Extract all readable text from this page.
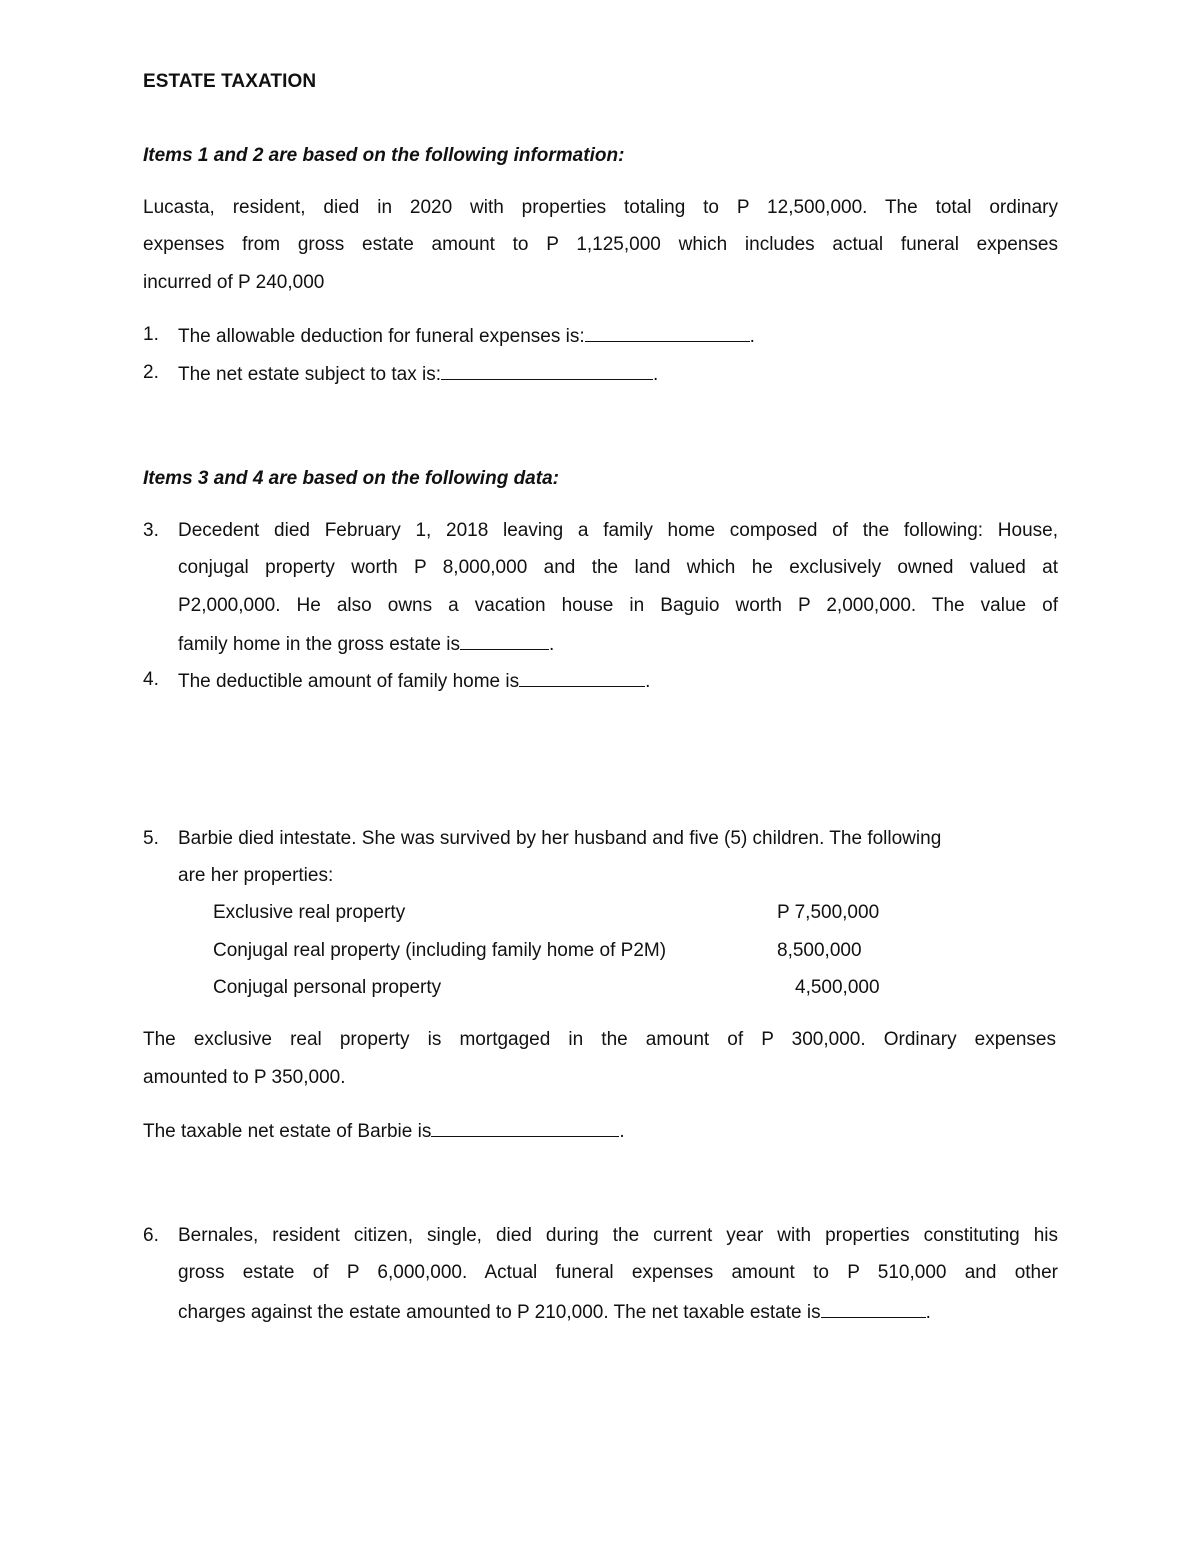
ESTATE TAXATION
Items 1 and 2 are based on the following information:
Lucasta, resident, died in 2020 with properties totaling to P 12,500,000. The total ordinary
expenses from gross estate amount to P 1,125,000 which includes actual funeral expenses
incurred of P 240,000
1. The allowable deduction for funeral expenses is:	.
2. The net estate subject to tax is:	.
Items 3 and 4 are based on the following data:
3. Decedent died February 1, 2018 leaving a family home composed of the following: House,
conjugal property worth P 8,000,000 and the land which he exclusively owned valued at
P2,000,000. He also owns a vacation house in Baguio worth P 2,000,000. The value of
family home in the gross estate is	.
4. The deductible amount of family home is	.
5. Barbie died intestate. She was survived by her husband and five (5) children. The following
are her properties:
Exclusive real property	P 7,500,000
Conjugal real property (including family home of P2M)	8,500,000
Conjugal personal property	4,500,000
The exclusive real property is mortgaged in the amount of P 300,000. Ordinary expenses
amounted to P 350,000.
The taxable net estate of Barbie is	.
6. Bernales, resident citizen, single, died during the current year with properties constituting his
gross estate of P 6,000,000. Actual funeral expenses amount to P 510,000 and other
charges against the estate amounted to P 210,000. The net taxable estate is	.
